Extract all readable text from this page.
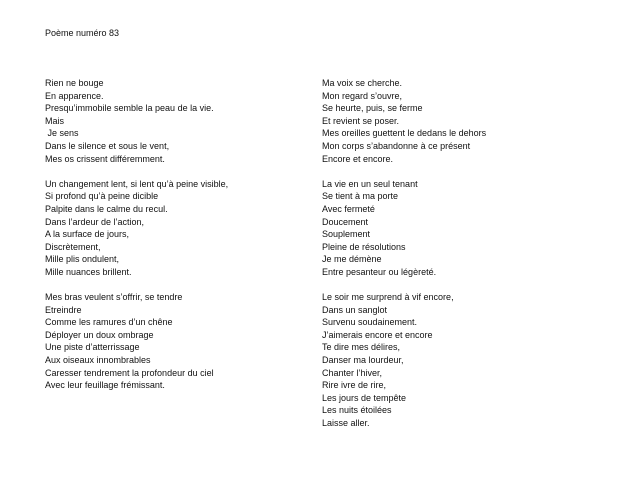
Poème numéro 83
Rien ne bouge
En apparence.
Presqu’immobile semble la peau de la vie.
Mais
Je sens
Dans le silence et sous le vent,
Mes os crissent différemment.
Un changement lent, si lent qu’à peine visible,
Si profond qu’à peine dicible
Palpite dans le calme du recul.
Dans l’ardeur de l’action,
A la surface de jours,
Discrètement,
Mille plis ondulent,
Mille nuances brillent.
Mes bras veulent s’offrir, se tendre
Etreindre
Comme les ramures d’un chêne
Déployer un doux ombrage
Une piste d’atterrissage
Aux oiseaux innombrables
Caresser tendrement la profondeur du ciel
Avec leur feuillage frémissant.
Ma voix se cherche.
Mon regard s’ouvre,
Se heurte, puis, se ferme
Et revient se poser.
Mes oreilles guettent le dedans le dehors
Mon corps s’abandonne à ce présent
Encore et encore.
La vie en un seul tenant
Se tient à ma porte
Avec fermeté
Doucement
Souplement
Pleine de résolutions
Je me démène
Entre pesanteur ou légèreté.
Le soir me surprend à vif encore,
Dans un sanglot
Survenu soudainement.
J’aimerais encore et encore
Te dire mes délires,
Danser ma lourdeur,
Chanter l’hiver,
Rire ivre de rire,
Les jours de tempête
Les nuits étoilées
Laisse aller.
